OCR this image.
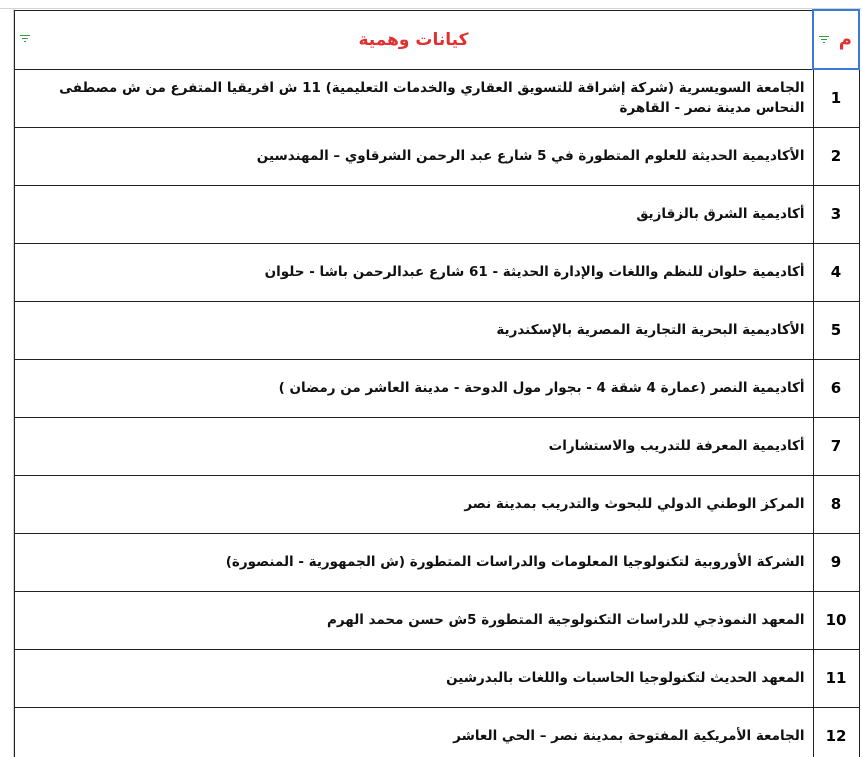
م	كيانات وهمية

1	الجامعة السويسرية (شركة إشراقة للتسويق العقاري والخدمات التعليمية) 11 ش افريقيا المتفرع من ش مصطفى النحاس مدينة نصر - القاهرة
2	الأكاديمية الحديثة للعلوم المتطورة في 5 شارع عبد الرحمن الشرقاوي – المهندسين
3	أكاديمية الشرق بالزقازيق
4	أكاديمية حلوان للنظم واللغات والإدارة الحديثة - 61 شارع عبدالرحمن باشا - حلوان
5	الأكاديمية البحرية التجارية المصرية بالإسكندرية
6	أكاديمية النصر (عمارة 4 شقة 4 - بجوار مول الدوحة - مدينة العاشر من رمضان )
7	أكاديمية المعرفة للتدريب والاستشارات
8	المركز الوطني الدولي للبحوث والتدريب بمدينة نصر
9	الشركة الأوروبية لتكنولوجيا المعلومات والدراسات المتطورة (ش الجمهورية - المنصورة)
10	المعهد النموذجي للدراسات التكنولوجية المتطورة 5ش حسن محمد الهرم
11	المعهد الحديث لتكنولوجيا الحاسبات واللغات بالبدرشين
12	الجامعة الأمريكية المفتوحة بمدينة نصر – الحي العاشر
